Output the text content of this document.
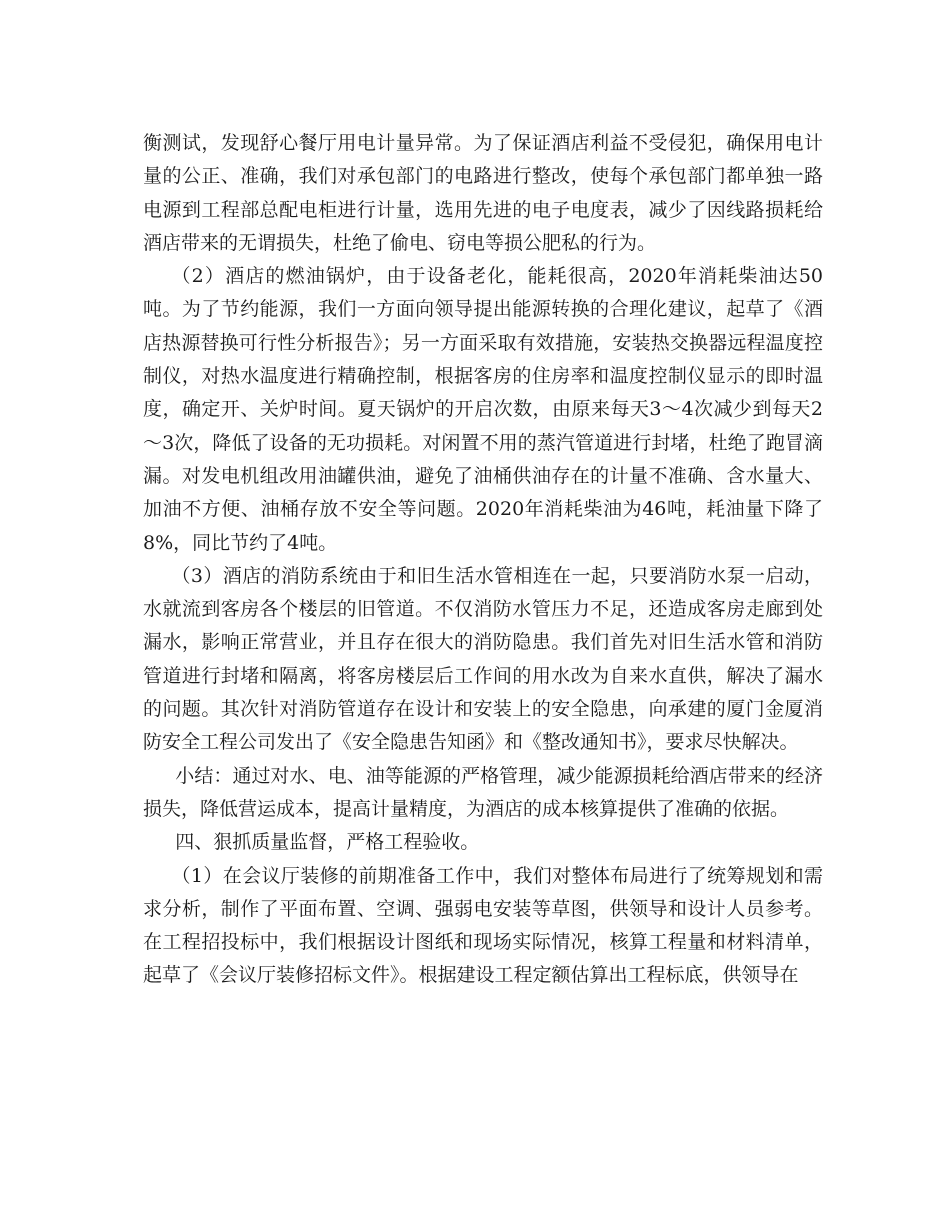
衡测试，发现舒心餐厅用电计量异常。为了保证酒店利益不受侵犯，确保用电计量的公正、准确，我们对承包部门的电路进行整改，使每个承包部门都单独一路电源到工程部总配电柜进行计量，选用先进的电子电度表，减少了因线路损耗给酒店带来的无谓损失，杜绝了偷电、窃电等损公肥私的行为。

（2）酒店的燃油锅炉，由于设备老化，能耗很高，2020年消耗柴油达50吨。为了节约能源，我们一方面向领导提出能源转换的合理化建议，起草了《酒店热源替换可行性分析报告》；另一方面采取有效措施，安装热交换器远程温度控制仪，对热水温度进行精确控制，根据客房的住房率和温度控制仪显示的即时温度，确定开、关炉时间。夏天锅炉的开启次数，由原来每天3～4次减少到每天2～3次，降低了设备的无功损耗。对闲置不用的蒸汽管道进行封堵，杜绝了跑冒滴漏。对发电机组改用油罐供油，避免了油桶供油存在的计量不准确、含水量大、加油不方便、油桶存放不安全等问题。2020年消耗柴油为46吨，耗油量下降了8%，同比节约了4吨。

（3）酒店的消防系统由于和旧生活水管相连在一起，只要消防水泵一启动，水就流到客房各个楼层的旧管道。不仅消防水管压力不足，还造成客房走廊到处漏水，影响正常营业，并且存在很大的消防隐患。我们首先对旧生活水管和消防管道进行封堵和隔离，将客房楼层后工作间的用水改为自来水直供，解决了漏水的问题。其次针对消防管道存在设计和安装上的安全隐患，向承建的厦门金厦消防安全工程公司发出了《安全隐患告知函》和《整改通知书》，要求尽快解决。

小结：通过对水、电、油等能源的严格管理，减少能源损耗给酒店带来的经济损失，降低营运成本，提高计量精度，为酒店的成本核算提供了准确的依据。

四、狠抓质量监督，严格工程验收。

（1）在会议厅装修的前期准备工作中，我们对整体布局进行了统筹规划和需求分析，制作了平面布置、空调、强弱电安装等草图，供领导和设计人员参考。在工程招投标中，我们根据设计图纸和现场实际情况，核算工程量和材料清单，起草了《会议厅装修招标文件》。根据建设工程定额估算出工程标底，供领导在
